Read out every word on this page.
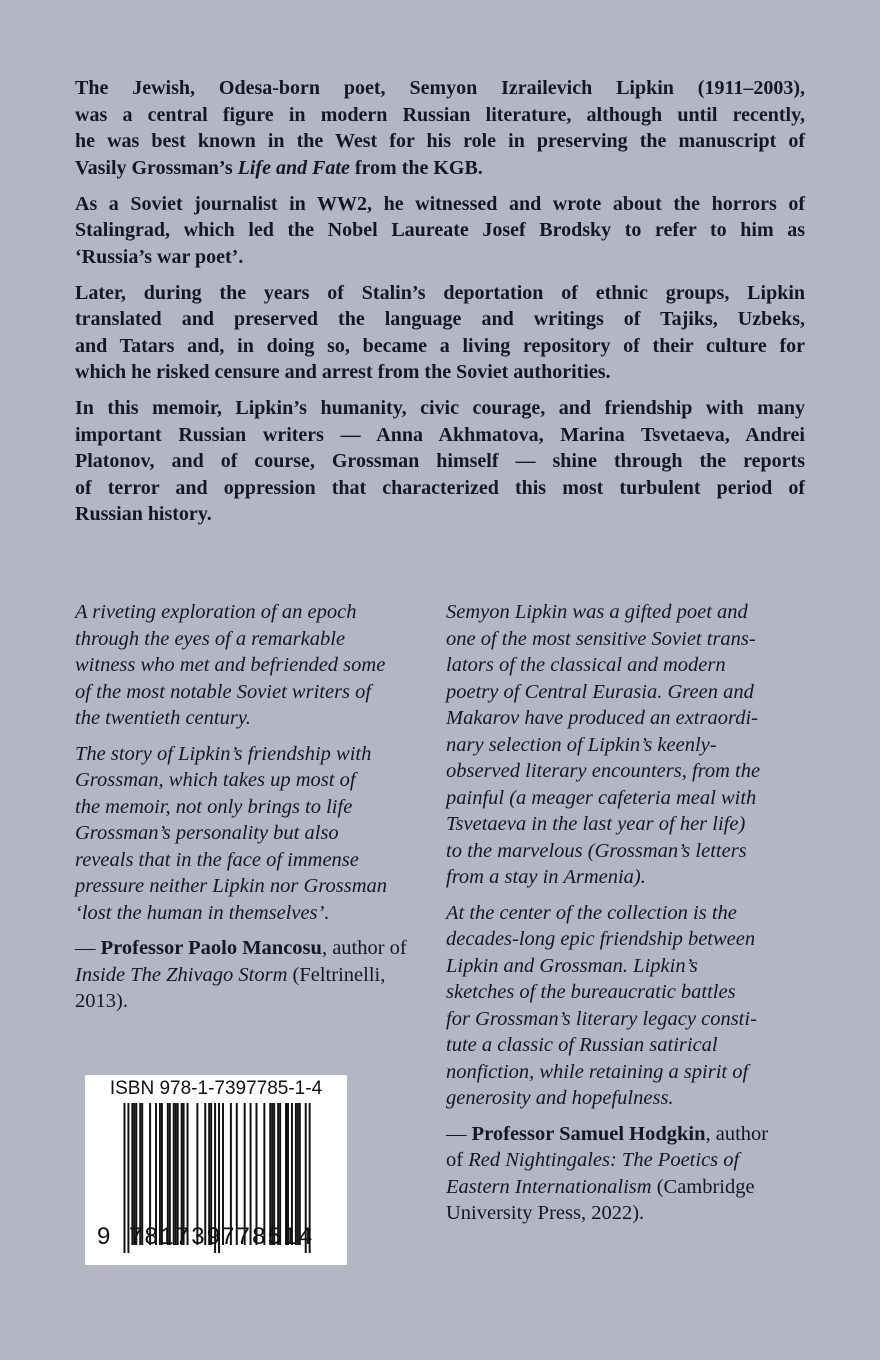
The Jewish, Odesa-born poet, Semyon Izrailevich Lipkin (1911–2003),
was a central figure in modern Russian literature, although until recently,
he was best known in the West for his role in preserving the manuscript of
Vasily Grossman’s Life and Fate from the KGB.
As a Soviet journalist in WW2, he witnessed and wrote about the horrors of
Stalingrad, which led the Nobel Laureate Josef Brodsky to refer to him as
‘Russia’s war poet’.
Later, during the years of Stalin’s deportation of ethnic groups, Lipkin
translated and preserved the language and writings of Tajiks, Uzbeks,
and Tatars and, in doing so, became a living repository of their culture for
which he risked censure and arrest from the Soviet authorities.
In this memoir, Lipkin’s humanity, civic courage, and friendship with many
important Russian writers — Anna Akhmatova, Marina Tsvetaeva, Andrei
Platonov, and of course, Grossman himself — shine through the reports
of terror and oppression that characterized this most turbulent period of
Russian history.
A riveting exploration of an epoch
through the eyes of a remarkable
witness who met and befriended some
of the most notable Soviet writers of
the twentieth century.
The story of Lipkin’s friendship with
Grossman, which takes up most of
the memoir, not only brings to life
Grossman’s personality but also
reveals that in the face of immense
pressure neither Lipkin nor Grossman
‘lost the human in themselves’.
— Professor Paolo Mancosu, author of
Inside The Zhivago Storm (Feltrinelli,
2013).
Semyon Lipkin was a gifted poet and
one of the most sensitive Soviet trans-
lators of the classical and modern
poetry of Central Eurasia. Green and
Makarov have produced an extraordi-
nary selection of Lipkin’s keenly-
observed literary encounters, from the
painful (a meager cafeteria meal with
Tsvetaeva in the last year of her life)
to the marvelous (Grossman’s letters
from a stay in Armenia).
At the center of the collection is the
decades-long epic friendship between
Lipkin and Grossman. Lipkin’s
sketches of the bureaucratic battles
for Grossman’s literary legacy consti-
tute a classic of Russian satirical
nonfiction, while retaining a spirit of
generosity and hopefulness.
— Professor Samuel Hodgkin, author
of Red Nightingales: The Poetics of
Eastern Internationalism (Cambridge
University Press, 2022).
ISBN 978-1-7397785-1-4
9 781739
778514
